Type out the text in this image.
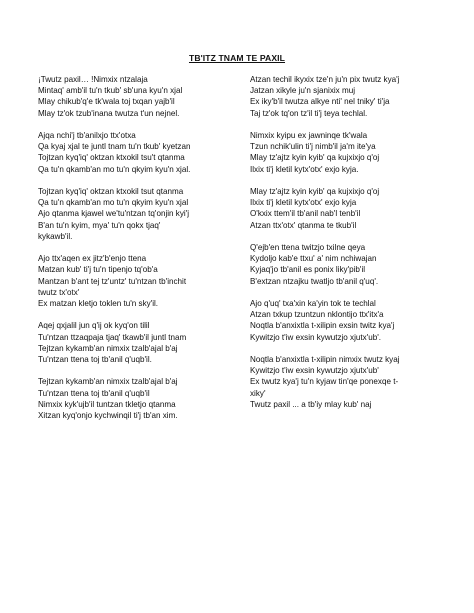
TB'ITZ TNAM TE PAXIL
¡Twutz paxil… !Nimxix ntzalaja
Mintaq' amb'il tu'n tkub' sb'una kyu'n xjal
Mlay chikub'q'e tk'wala toj txqan yajb'il
Mlay tz'ok tzub'inana twutza t'un nejnel.
Ajqa nchi'j tb'anilxjo ttx'otxa
Qa kyaj xjal te juntl tnam tu'n tkub' kyetzan
Tojtzan kyq'iq' oktzan ktxokil tsu't qtanma
Qa tu'n qkamb'an mo tu'n qkyim kyu'n xjal.
Tojtzan kyq'iq' oktzan ktxokil tsut qtanma
Qa tu'n qkamb'an mo tu'n qkyim kyu'n xjal
Ajo qtanma kjawel we'tu'ntzan tq'onjin kyi'j
B'an tu'n kyim, mya' tu'n qokx tjaq'
kykawb'il.
Ajo ttx'aqen ex jitz'b'enjo ttena
Matzan kub' ti'j tu'n tipenjo tq'ob'a
Mantzan b'ant tej tz'untz' tu'ntzan tb'inchit
twutz tx'otx'
Ex matzan kletjo toklen tu'n sky'il.
Aqej qxjalil jun q'ij ok kyq'on tilil
Tu'ntzan ttzaqpaja tjaq' tkawb'il juntl tnam
Tejtzan kykamb'an nimxix tzalb'ajal b'aj
Tu'ntzan ttena toj tb'anil q'uqb'il.
Tejtzan kykamb'an nimxix tzalb'ajal b'aj
Tu'ntzan ttena toj tb'anil q'uqb'il
Nimxix kyk'ujb'il tuntzan tkletjo qtanma
Xitzan kyq'onjo kychwinqil ti'j tb'an xim.
Atzan techil ikyxix tze'n ju'n pix twutz kya'j
Jatzan xikyle ju'n sjanixix muj
Ex iky'b'il twutza alkye nti' nel tniky' ti'ja
Taj tz'ok tq'on tz'il ti'j teya techlal.
Nimxix kyipu ex jawninqe tk'wala
Tzun nchik'ulin ti'j nimb'il ja'm ite'ya
Mlay tz'ajtz kyin kyib' qa kujxixjo q'oj
Ilxix ti'j kletil kytx'otx' exjo kyja.
Mlay tz'ajtz kyin kyib' qa kujxixjo q'oj
Ilxix ti'j kletil kytx'otx' exjo kyja
O'kxix ttem'il tb'anil nab'l tenb'il
Atzan ttx'otx' qtanma te tkub'il
Q'ejb'en ttena twitzjo txilne qeya
Kydoljo kab'e ttxu' a' nim nchiwajan
Kyjaq'jo tb'anil es ponix liky'pib'il
B'extzan ntzajku twatljo tb'anil q'uq'.
Ajo q'uq' txa'xin ka'yin tok te techlal
Atzan txkup tzuntzun nklontijo ttx'itx'a
Noqtla b'anxixtla t-xilipin exsin twitz kya'j
Kywitzjo t'iw exsin kywutzjo xjutx'ub'.
Noqtla b'anxixtla t-xilipin nimxix twutz kyaj
Kywitzjo t'iw exsin kywutzjo xjutx'ub'
Ex twutz kya'j tu'n kyjaw tin'qe ponexqe t-
xiky'
Twutz paxil ... a tb'iy mlay kub' naj
